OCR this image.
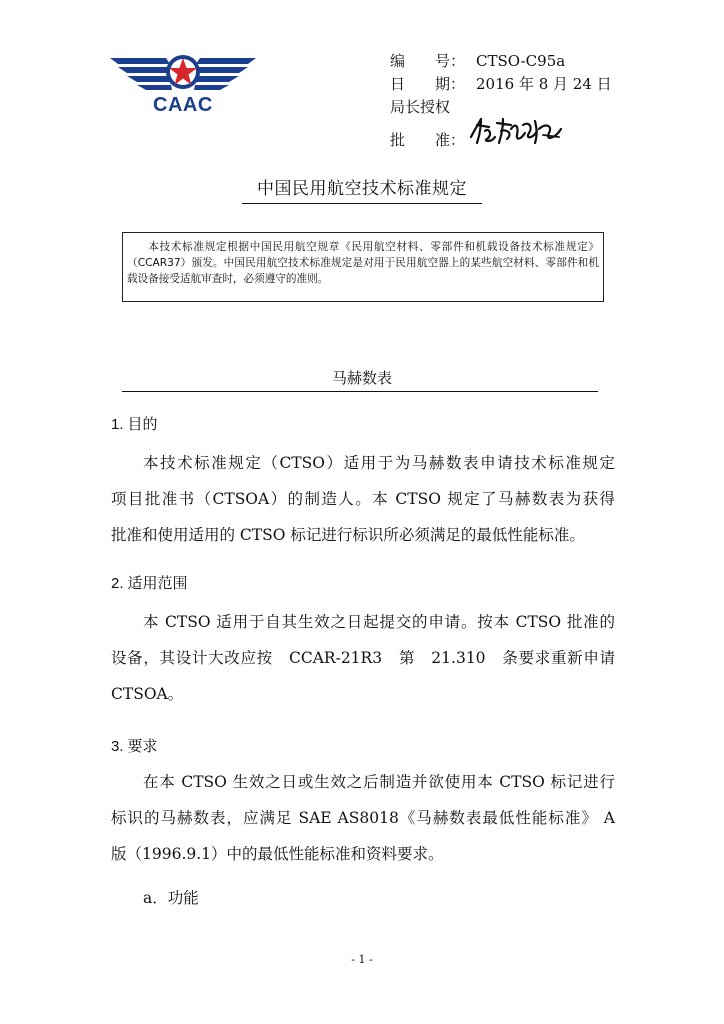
CAAC
编　　号： CTSO-C95a
日　　期： 2016 年 8 月 24 日
局长授权
批　　准：
中国民用航空技术标准规定
本技术标准规定根据中国民用航空规章《民用航空材料、零部件和机载设备技术标准规定》（CCAR37）颁发。中国民用航空技术标准规定是对用于民用航空器上的某些航空材料、零部件和机载设备接受适航审查时，必须遵守的准则。
马赫数表
1. 目的
本技术标准规定（CTSO）适用于为马赫数表申请技术标准规定
项目批准书（CTSOA）的制造人。本 CTSO 规定了马赫数表为获得
批准和使用适用的 CTSO 标记进行标识所必须满足的最低性能标准。
2. 适用范围
本 CTSO 适用于自其生效之日起提交的申请。按本 CTSO 批准的
设备，其设计大改应按　CCAR-21R3　第　21.310　条要求重新申请
CTSOA。
3. 要求
在本 CTSO 生效之日或生效之后制造并欲使用本 CTSO 标记进行
标识的马赫数表，应满足 SAE AS8018《马赫数表最低性能标准》 A
版（1996.9.1）中的最低性能标准和资料要求。
a．功能
- 1 -
